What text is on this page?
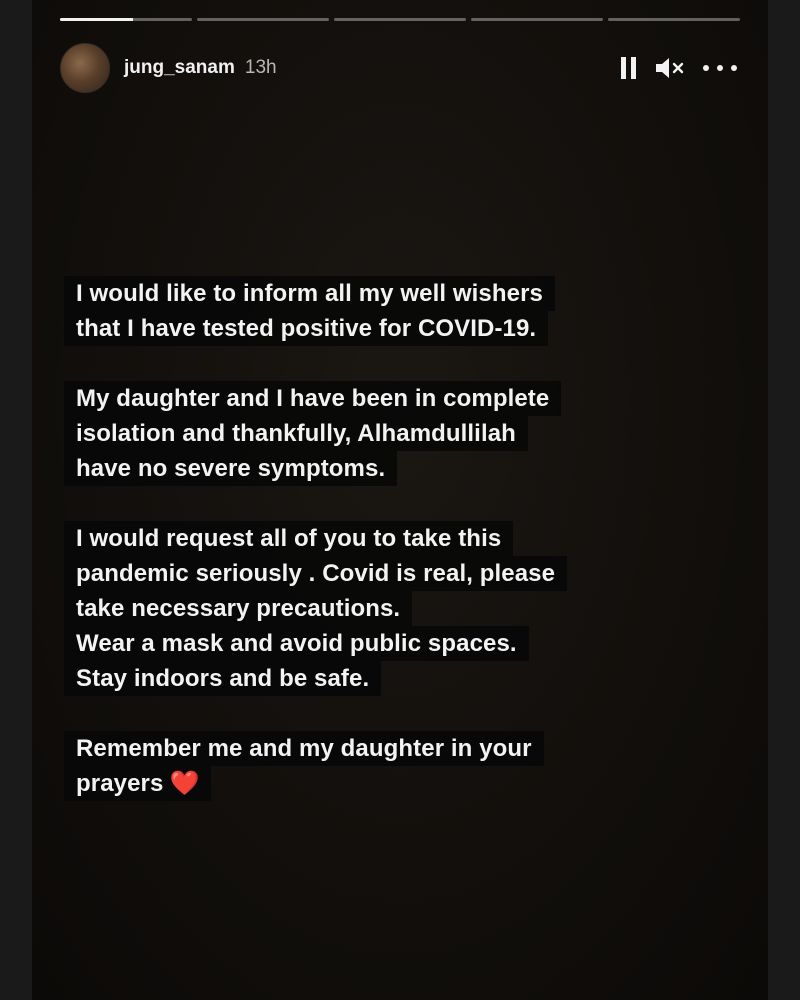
jung_sanam 13h
I would like to inform all my well wishers
that I have tested positive for COVID-19.
My daughter and I have been in complete
isolation and thankfully, Alhamdullilah
have no severe symptoms.
I would request all of you to take this
pandemic seriously . Covid is real, please
take necessary precautions.
Wear a mask and avoid public spaces.
Stay indoors and be safe.
Remember me and my daughter in your
prayers ❤️
